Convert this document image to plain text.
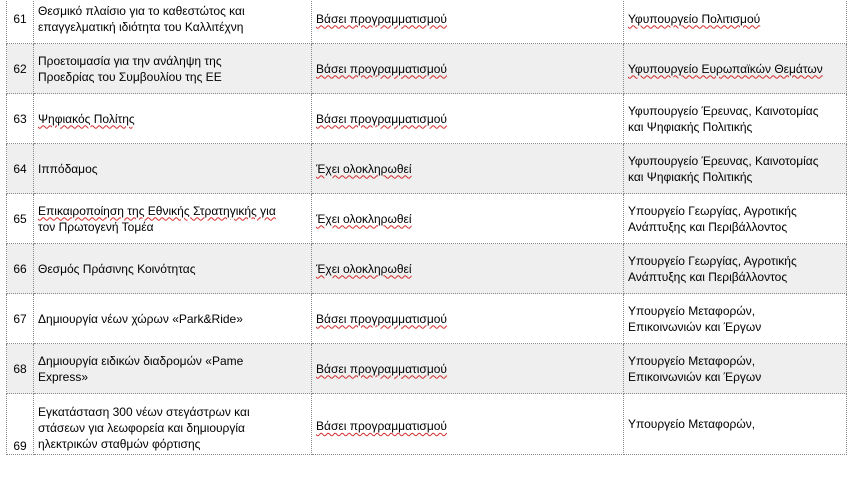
61	Θεσμικό πλαίσιο για το καθεστώτος και
επαγγελματική ιδιότητα του Καλλιτέχνη	Βάσει προγραμματισμού	Υφυπουργείο Πολιτισμού
62	Προετοιμασία για την ανάληψη της
Προεδρίας του Συμβουλίου της ΕΕ	Βάσει προγραμματισμού	Υφυπουργείο Ευρωπαϊκών Θεμάτων
63	Ψηφιακός Πολίτης	Βάσει προγραμματισμού	Υφυπουργείο Έρευνας, Καινοτομίας
και Ψηφιακής Πολιτικής
64	Ιππόδαμος	Έχει ολοκληρωθεί	Υφυπουργείο Έρευνας, Καινοτομίας
και Ψηφιακής Πολιτικής
65	Επικαιροποίηση της Εθνικής Στρατηγικής για
τον Πρωτογενή Τομέα	Έχει ολοκληρωθεί	Υπουργείο Γεωργίας, Αγροτικής
Ανάπτυξης και Περιβάλλοντος
66	Θεσμός Πράσινης Κοινότητας	Έχει ολοκληρωθεί	Υπουργείο Γεωργίας, Αγροτικής
Ανάπτυξης και Περιβάλλοντος
67	Δημιουργία νέων χώρων «Park&Ride»	Βάσει προγραμματισμού	Υπουργείο Μεταφορών,
Επικοινωνιών και Έργων
68	Δημιουργία ειδικών διαδρομών «Pame
Express»	Βάσει προγραμματισμού	Υπουργείο Μεταφορών,
Επικοινωνιών και Έργων
69	Εγκατάσταση 300 νέων στεγάστρων και
στάσεων για λεωφορεία και δημιουργία
ηλεκτρικών σταθμών φόρτισης	Βάσει προγραμματισμού	Υπουργείο Μεταφορών,
